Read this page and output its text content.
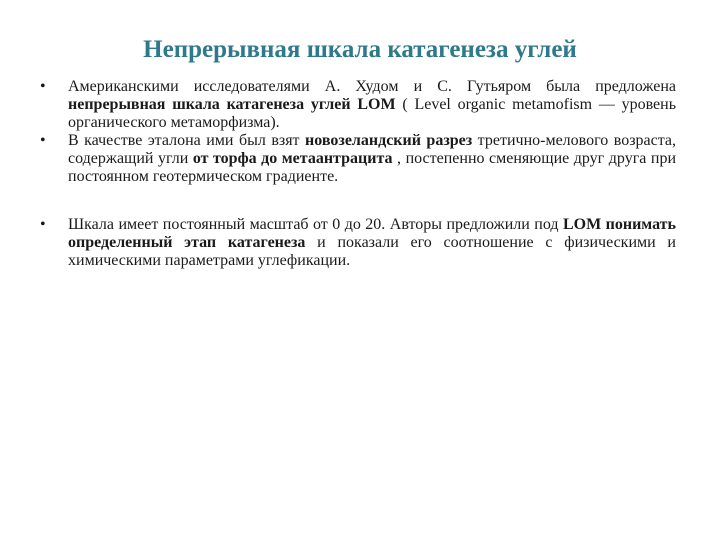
Непрерывная шкала катагенеза углей
• Американскими исследователями А. Худом и С. Гутьяром была предложена непрерывная шкала катагенеза углей LOM ( Level organic metamofism — уровень органического метаморфизма).
• В качестве эталона ими был взят новозеландский разрез третично-мелового возраста, содержащий угли от торфа до метаантрацита , постепенно сменяющие друг друга при постоянном геотермическом градиенте.
• Шкала имеет постоянный масштаб от 0 до 20. Авторы предложили под LOM понимать определенный этап катагенеза и показали его соотношение с физическими и химическими параметрами углефикации.
